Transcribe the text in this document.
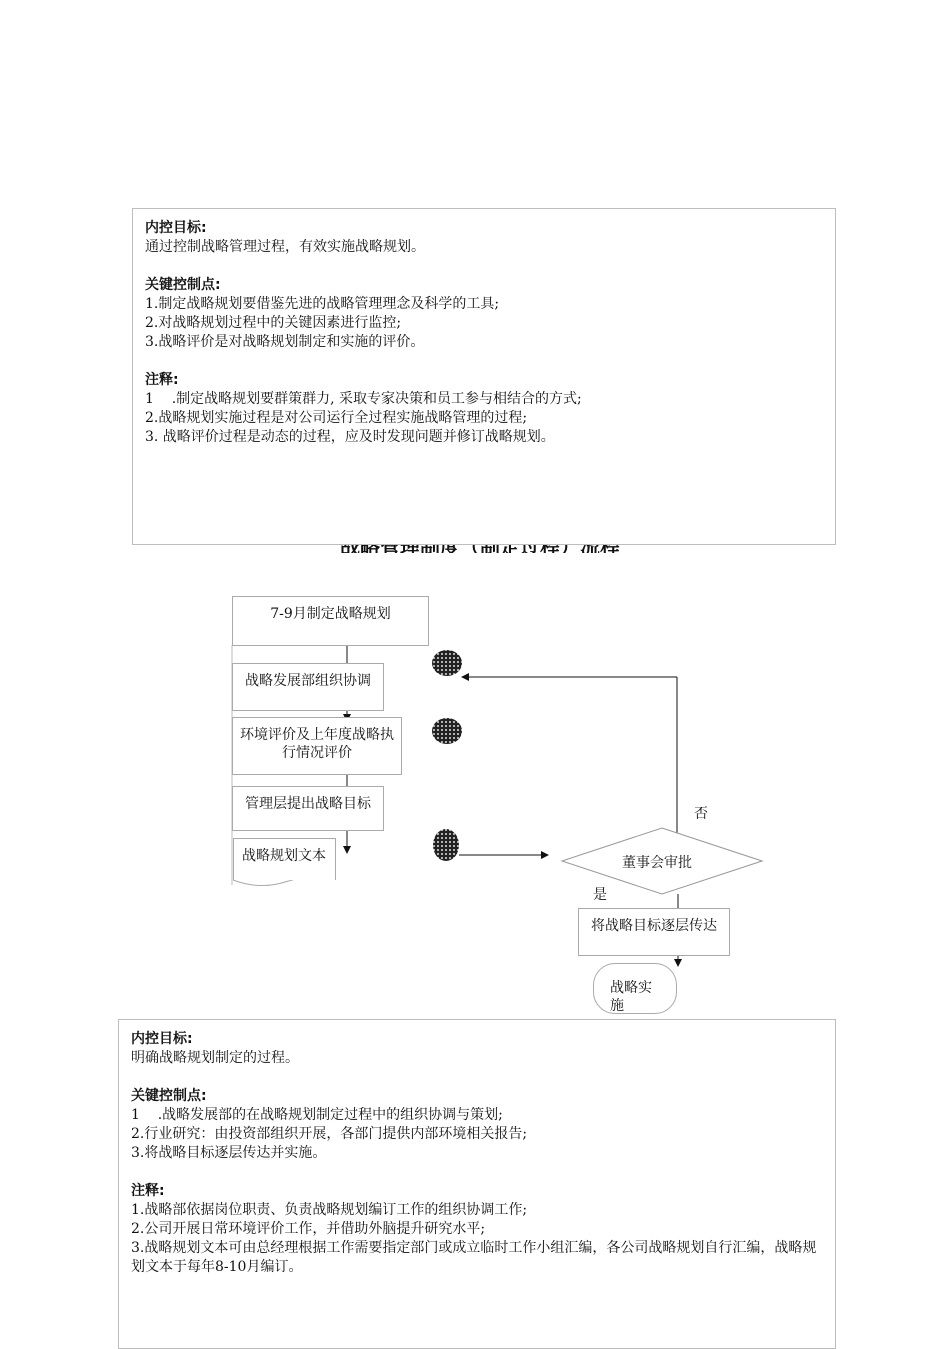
内控目标:
通过控制战略管理过程，有效实施战略规划。
关键控制点:
1.制定战略规划要借鉴先进的战略管理理念及科学的工具;
2.对战略规划过程中的关键因素进行监控;
3.战略评价是对战略规划制定和实施的评价。
注释:
1    .制定战略规划要群策群力, 采取专家决策和员工参与相结合的方式;
2.战略规划实施过程是对公司运行全过程实施战略管理的过程;
3. 战略评价过程是动态的过程，应及时发现问题并修订战略规划。
7-9月制定战略规划
战略发展部组织协调
环境评价及上年度战略执行情况评价
管理层提出战略目标
战略规划文本	董事会审批
否
是
将战略目标逐层传达
战略实施
内控目标:
明确战略规划制定的过程。
关键控制点:
1    .战略发展部的在战略规划制定过程中的组织协调与策划;
2.行业研究：由投资部组织开展，各部门提供内部环境相关报告;
3.将战略目标逐层传达并实施。
注释:
1.战略部依据岗位职责、负责战略规划编订工作的组织协调工作;
2.公司开展日常环境评价工作，并借助外脑提升研究水平;
3.战略规划文本可由总经理根据工作需要指定部门或成立临时工作小组汇编，各公司战略规划自行汇编，战略规划文本于每年8-10月编订。
